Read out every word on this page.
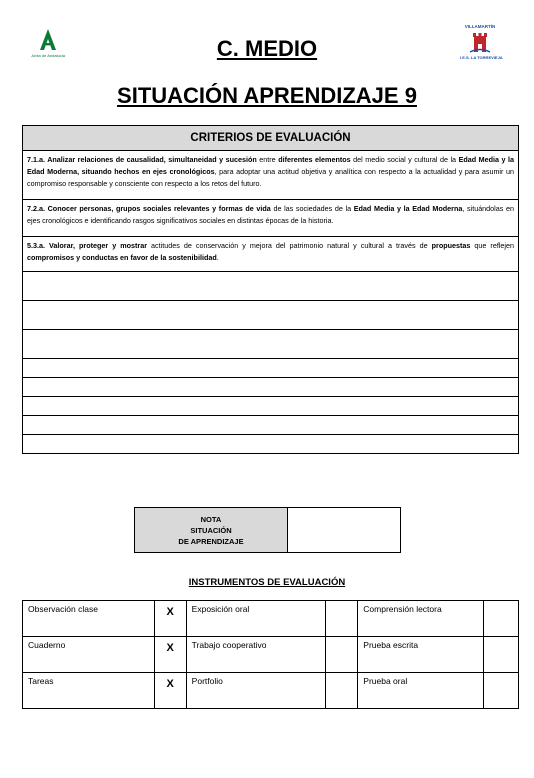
Junta de Andalucía
VILLAMARTÍN
I.E.S. LA TORREVIEJA
C. MEDIO
SITUACIÓN APRENDIZAJE 9
CRITERIOS DE EVALUACIÓN
7.1.a. Analizar relaciones de causalidad, simultaneidad y sucesión entre diferentes elementos del medio social y cultural de la Edad Media y la Edad Moderna, situando hechos en ejes cronológicos, para adoptar una actitud objetiva y analítica con respecto a la actualidad y para asumir un compromiso responsable y consciente con respecto a los retos del futuro.
7.2.a. Conocer personas, grupos sociales relevantes y formas de vida de las sociedades de la Edad Media y la Edad Moderna, situándolas en ejes cronológicos e identificando rasgos significativos sociales en distintas épocas de la historia.
5.3.a. Valorar, proteger y mostrar actitudes de conservación y mejora del patrimonio natural y cultural a través de propuestas que reflejen compromisos y conductas en favor de la sostenibilidad.

NOTA
SITUACIÓN
DE APRENDIZAJE

INSTRUMENTOS DE EVALUACIÓN
Observación clase	X	Exposición oral		Comprensión lectora	
Cuaderno	X	Trabajo cooperativo		Prueba escrita	
Tareas	X	Portfolio		Prueba oral	
